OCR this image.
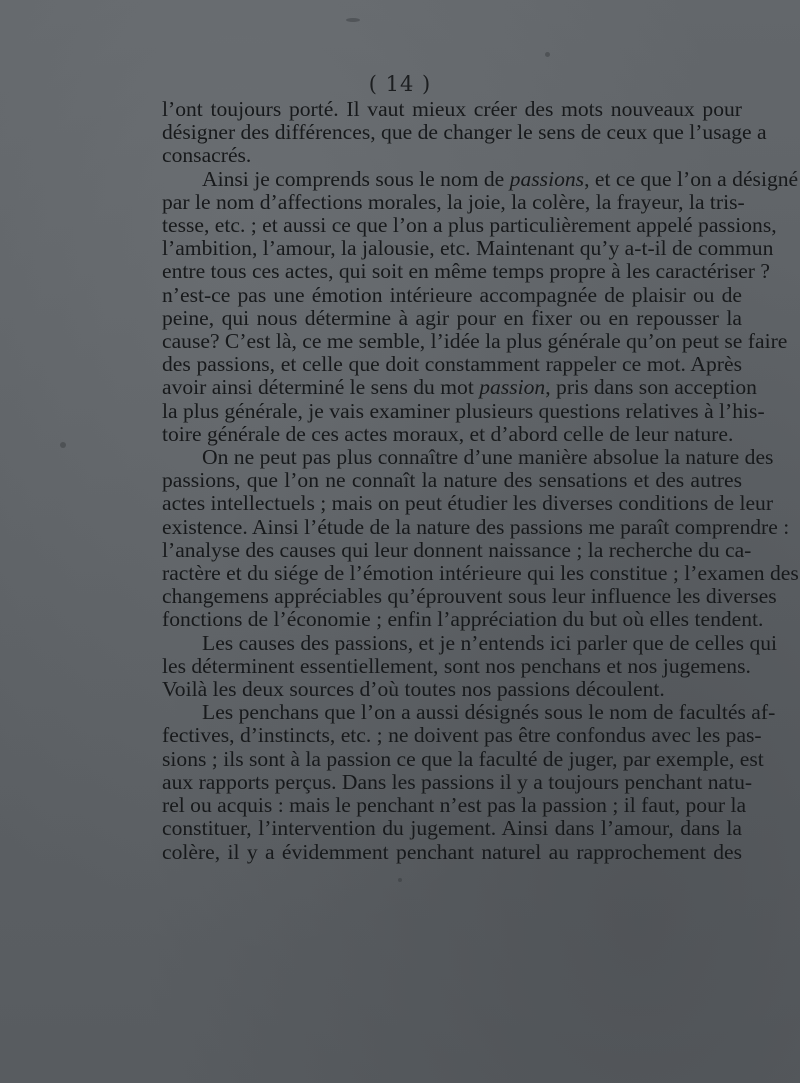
( 14 )
l’ont toujours porté. Il vaut mieux créer des mots nouveaux pour
désigner des différences, que de changer le sens de ceux que l’usage a
consacrés.
Ainsi je comprends sous le nom de passions, et ce que l’on a désigné
par le nom d’affections morales, la joie, la colère, la frayeur, la tris-
tesse, etc. ; et aussi ce que l’on a plus particulièrement appelé passions,
l’ambition, l’amour, la jalousie, etc. Maintenant qu’y a-t-il de commun
entre tous ces actes, qui soit en même temps propre à les caractériser ?
n’est-ce pas une émotion intérieure accompagnée de plaisir ou de
peine, qui nous détermine à agir pour en fixer ou en repousser la
cause? C’est là, ce me semble, l’idée la plus générale qu’on peut se faire
des passions, et celle que doit constamment rappeler ce mot. Après
avoir ainsi déterminé le sens du mot passion, pris dans son acception
la plus générale, je vais examiner plusieurs questions relatives à l’his-
toire générale de ces actes moraux, et d’abord celle de leur nature.
On ne peut pas plus connaître d’une manière absolue la nature des
passions, que l’on ne connaît la nature des sensations et des autres
actes intellectuels ; mais on peut étudier les diverses conditions de leur
existence. Ainsi l’étude de la nature des passions me paraît comprendre :
l’analyse des causes qui leur donnent naissance ; la recherche du ca-
ractère et du siége de l’émotion intérieure qui les constitue ; l’examen des
changemens appréciables qu’éprouvent sous leur influence les diverses
fonctions de l’économie ; enfin l’appréciation du but où elles tendent.
Les causes des passions, et je n’entends ici parler que de celles qui
les déterminent essentiellement, sont nos penchans et nos jugemens.
Voilà les deux sources d’où toutes nos passions découlent.
Les penchans que l’on a aussi désignés sous le nom de facultés af-
fectives, d’instincts, etc. ; ne doivent pas être confondus avec les pas-
sions ; ils sont à la passion ce que la faculté de juger, par exemple, est
aux rapports perçus. Dans les passions il y a toujours penchant natu-
rel ou acquis : mais le penchant n’est pas la passion ; il faut, pour la
constituer, l’intervention du jugement. Ainsi dans l’amour, dans la
colère, il y a évidemment penchant naturel au rapprochement des
